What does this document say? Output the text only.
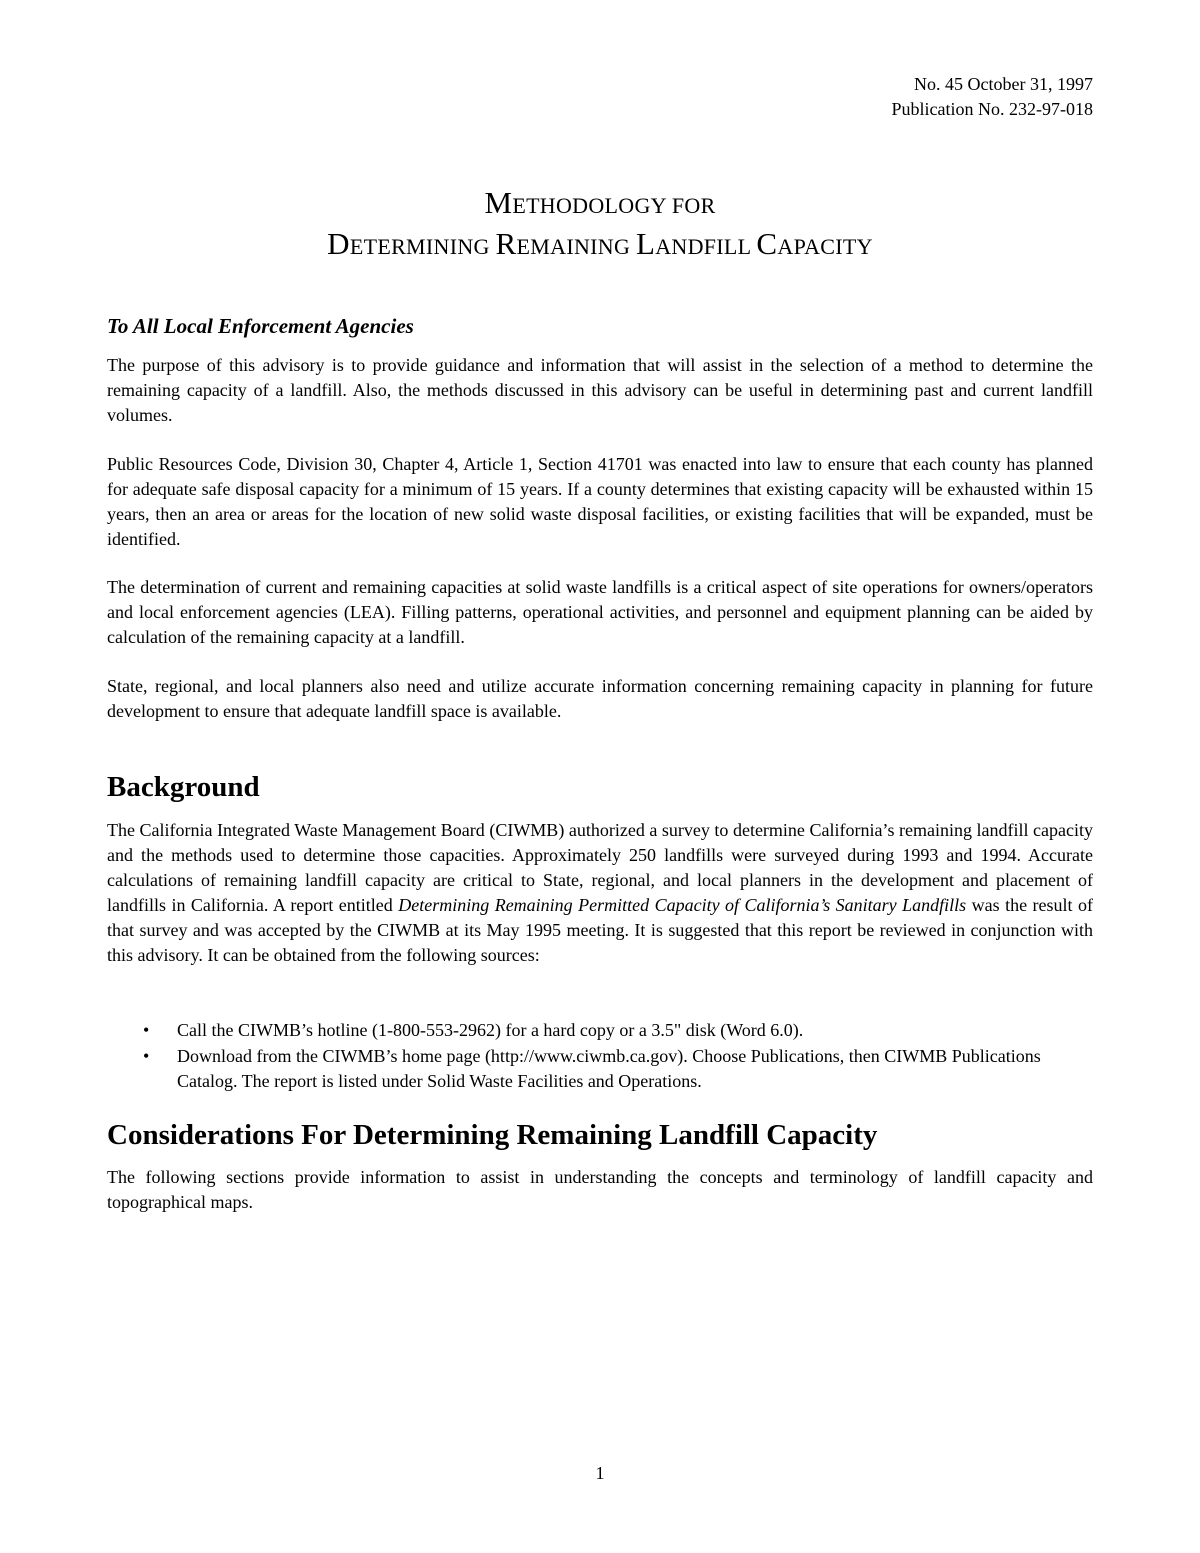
No. 45 October 31, 1997
Publication No. 232-97-018
METHODOLOGY FOR
DETERMINING REMAINING LANDFILL CAPACITY
To All Local Enforcement Agencies

The purpose of this advisory is to provide guidance and information that will assist in the selection of a method to determine the remaining capacity of a landfill. Also, the methods discussed in this advisory can be useful in determining past and current landfill volumes.

Public Resources Code, Division 30, Chapter 4, Article 1, Section 41701 was enacted into law to ensure that each county has planned for adequate safe disposal capacity for a minimum of 15 years. If a county determines that existing capacity will be exhausted within 15 years, then an area or areas for the location of new solid waste disposal facilities, or existing facilities that will be expanded, must be identified.

The determination of current and remaining capacities at solid waste landfills is a critical aspect of site operations for owners/operators and local enforcement agencies (LEA). Filling patterns, operational activities, and personnel and equipment planning can be aided by calculation of the remaining capacity at a landfill.

State, regional, and local planners also need and utilize accurate information concerning remaining capacity in planning for future development to ensure that adequate landfill space is available.

Background

The California Integrated Waste Management Board (CIWMB) authorized a survey to determine California’s remaining landfill capacity and the methods used to determine those capacities. Approximately 250 landfills were surveyed during 1993 and 1994. Accurate calculations of remaining landfill capacity are critical to State, regional, and local planners in the development and placement of landfills in California. A report entitled Determining Remaining Permitted Capacity of California’s Sanitary Landfills was the result of that survey and was accepted by the CIWMB at its May 1995 meeting. It is suggested that this report be reviewed in conjunction with this advisory. It can be obtained from the following sources:

• Call the CIWMB’s hotline (1-800-553-2962) for a hard copy or a 3.5" disk (Word 6.0).
• Download from the CIWMB’s home page (http://www.ciwmb.ca.gov). Choose Publications, then CIWMB Publications Catalog. The report is listed under Solid Waste Facilities and Operations.
Considerations For Determining Remaining Landfill Capacity

The following sections provide information to assist in understanding the concepts and terminology of landfill capacity and topographical maps.

1
